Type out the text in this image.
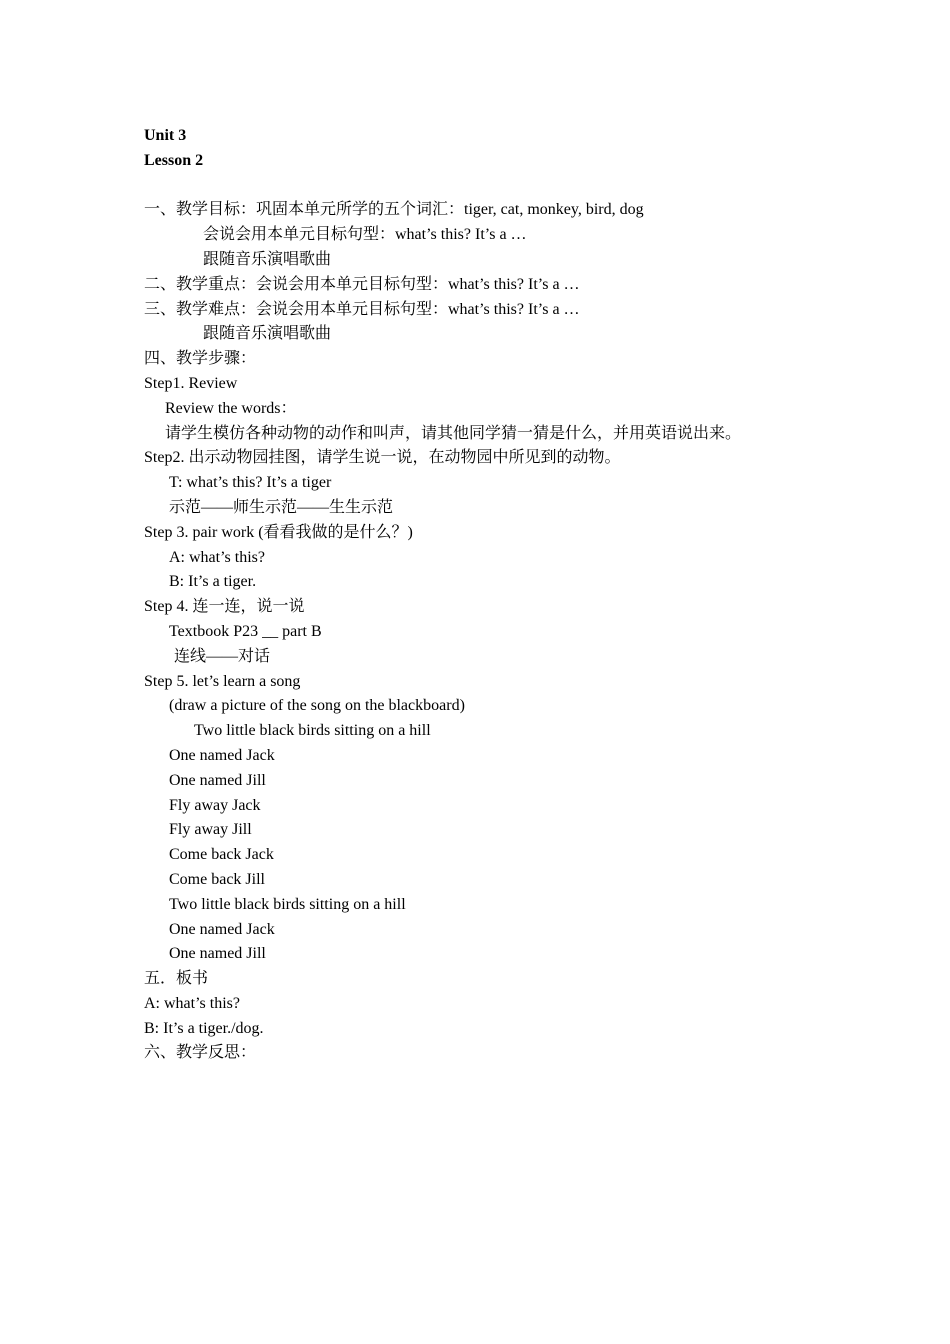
Unit 3
Lesson 2
一、教学目标：巩固本单元所学的五个词汇：tiger, cat, monkey, bird, dog
会说会用本单元目标句型：what’s this? It’s a …
跟随音乐演唱歌曲
二、教学重点：会说会用本单元目标句型：what’s this? It’s a …
三、教学难点：会说会用本单元目标句型：what’s this? It’s a …
跟随音乐演唱歌曲
四、教学步骤：
Step1. Review
Review the words：
请学生模仿各种动物的动作和叫声，请其他同学猜一猜是什么，并用英语说出来。
Step2. 出示动物园挂图，请学生说一说，在动物园中所见到的动物。
T: what’s this? It’s a tiger
示范——师生示范——生生示范
Step 3. pair work (看看我做的是什么？)
A: what’s this?
B: It’s a tiger.
Step 4. 连一连，说一说
Textbook P23 __ part B
连线——对话
Step 5. let’s learn a song
(draw a picture of the song on the blackboard)
Two little black birds sitting on a hill
One named Jack
One named Jill
Fly away Jack
Fly away Jill
Come back Jack
Come back Jill
Two little black birds sitting on a hill
One named Jack
One named Jill
五．板书
A: what’s this?
B: It’s a tiger./dog.
六、教学反思：
